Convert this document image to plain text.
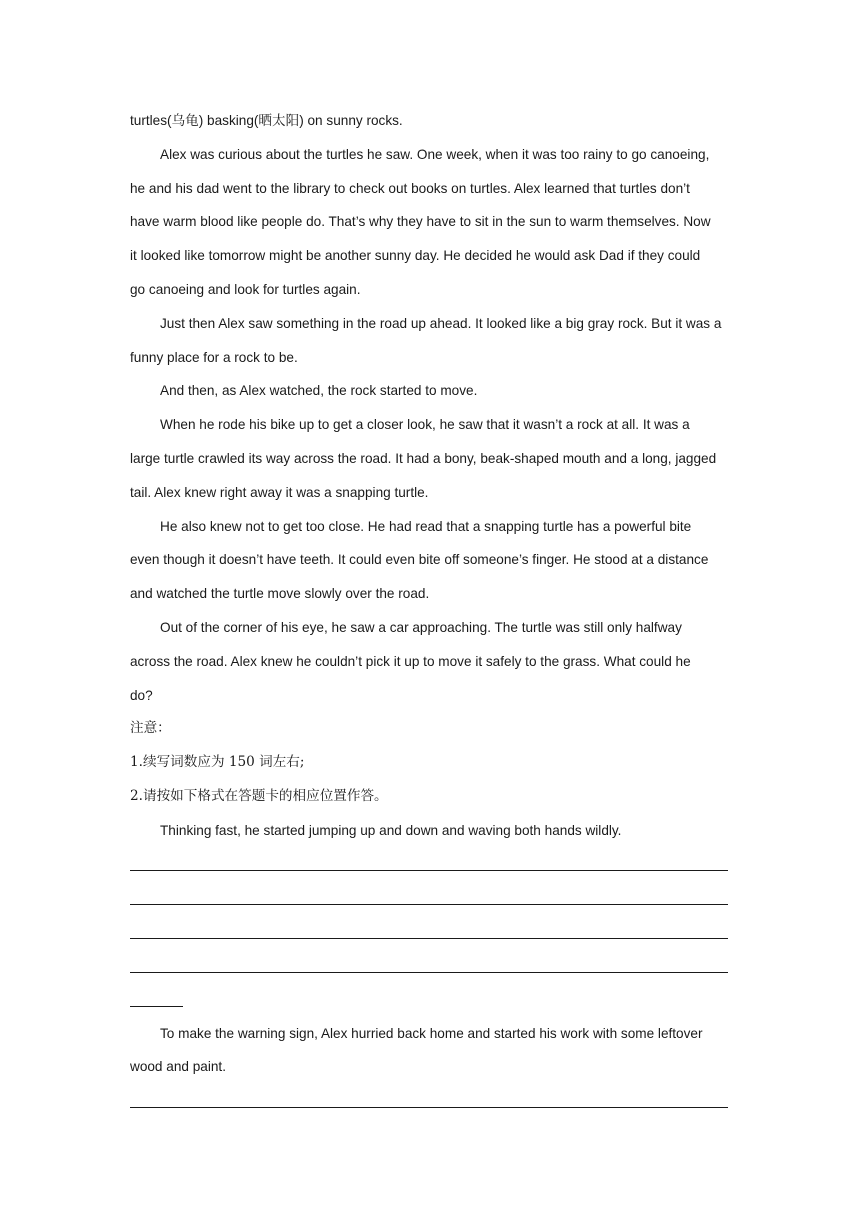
turtles(乌龟) basking(晒太阳) on sunny rocks.
Alex was curious about the turtles he saw. One week, when it was too rainy to go canoeing,
he and his dad went to the library to check out books on turtles. Alex learned that turtles don’t
have warm blood like people do. That’s why they have to sit in the sun to warm themselves. Now
it looked like tomorrow might be another sunny day. He decided he would ask Dad if they could
go canoeing and look for turtles again.
Just then Alex saw something in the road up ahead. It looked like a big gray rock. But it was a
funny place for a rock to be.
And then, as Alex watched, the rock started to move.
When he rode his bike up to get a closer look, he saw that it wasn’t a rock at all. It was a
large turtle crawled its way across the road. It had a bony, beak-shaped mouth and a long, jagged
tail. Alex knew right away it was a snapping turtle.
He also knew not to get too close. He had read that a snapping turtle has a powerful bite
even though it doesn’t have teeth. It could even bite off someone’s finger. He stood at a distance
and watched the turtle move slowly over the road.
Out of the corner of his eye, he saw a car approaching. The turtle was still only halfway
across the road. Alex knew he couldn’t pick it up to move it safely to the grass. What could he
do?
注意：
1.续写词数应为 150 词左右;
2.请按如下格式在答题卡的相应位置作答。
Thinking fast, he started jumping up and down and waving both hands wildly.
To make the warning sign, Alex hurried back home and started his work with some leftover
wood and paint.
